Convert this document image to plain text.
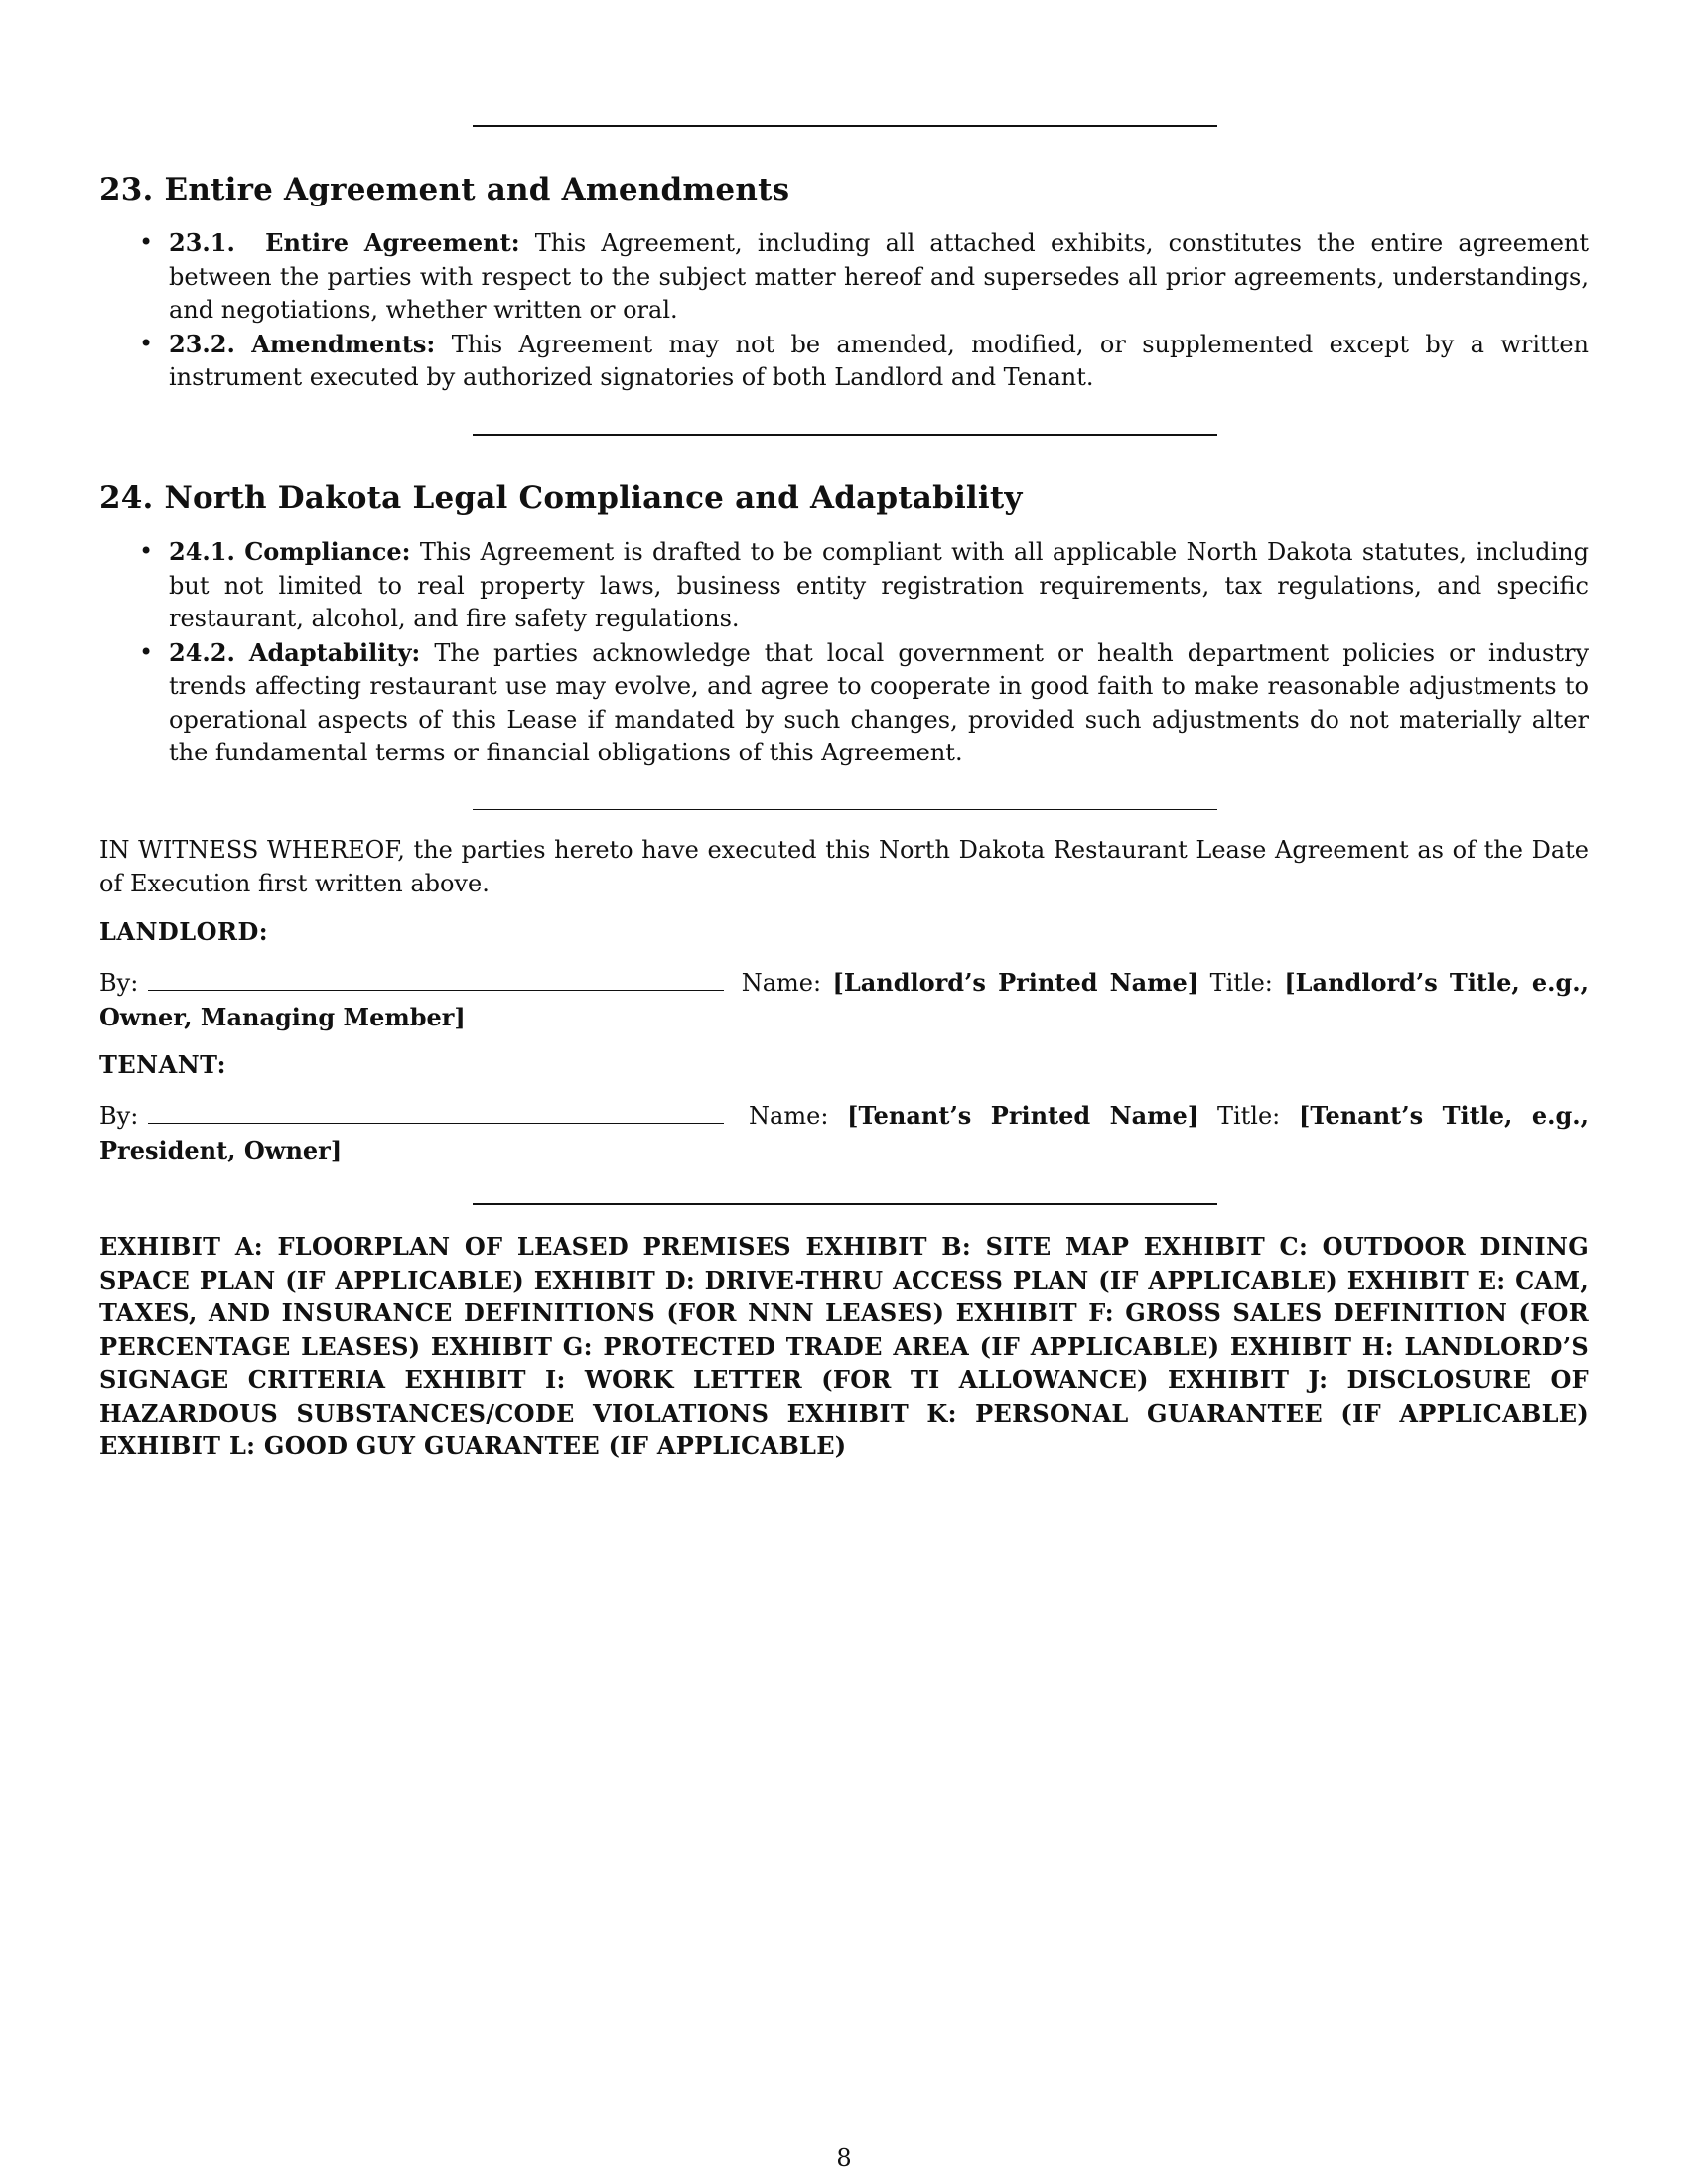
23. Entire Agreement and Amendments
• 23.1. Entire Agreement: This Agreement, including all attached exhibits, constitutes the entire agreement between the parties with respect to the subject matter hereof and supersedes all prior agreements, understandings, and negotiations, whether written or oral.
• 23.2. Amendments: This Agreement may not be amended, modified, or supplemented except by a written instrument executed by authorized signatories of both Landlord and Tenant.
24. North Dakota Legal Compliance and Adaptability
• 24.1. Compliance: This Agreement is drafted to be compliant with all applicable North Dakota statutes, including but not limited to real property laws, business entity registration requirements, tax regulations, and specific restaurant, alcohol, and fire safety regulations.
• 24.2. Adaptability: The parties acknowledge that local government or health department policies or industry trends affecting restaurant use may evolve, and agree to cooperate in good faith to make reasonable adjustments to operational aspects of this Lease if mandated by such changes, provided such adjustments do not materially alter the fundamental terms or financial obligations of this Agreement.

IN WITNESS WHEREOF, the parties hereto have executed this North Dakota Restaurant Lease Agreement as of the Date of Execution first written above.

LANDLORD:

By:	Name: [Landlord’s Printed Name] Title: [Landlord’s Title, e.g., Owner, Managing Member]

TENANT:

By:	Name: [Tenant’s Printed Name] Title: [Tenant’s Title, e.g., President, Owner]

EXHIBIT A: FLOORPLAN OF LEASED PREMISES EXHIBIT B: SITE MAP EXHIBIT C: OUTDOOR DINING SPACE PLAN (IF APPLICABLE) EXHIBIT D: DRIVE-THRU ACCESS PLAN (IF APPLICABLE) EXHIBIT E: CAM, TAXES, AND INSURANCE DEFINITIONS (FOR NNN LEASES) EXHIBIT F: GROSS SALES DEFINITION (FOR PERCENTAGE LEASES) EXHIBIT G: PROTECTED TRADE AREA (IF APPLICABLE) EXHIBIT H: LANDLORD’S SIGNAGE CRITERIA EXHIBIT I: WORK LETTER (FOR TI ALLOWANCE) EXHIBIT J: DISCLOSURE OF HAZARDOUS SUBSTANCES/CODE VIOLATIONS EXHIBIT K: PERSONAL GUARANTEE (IF APPLICABLE) EXHIBIT L: GOOD GUY GUARANTEE (IF APPLICABLE)

8
